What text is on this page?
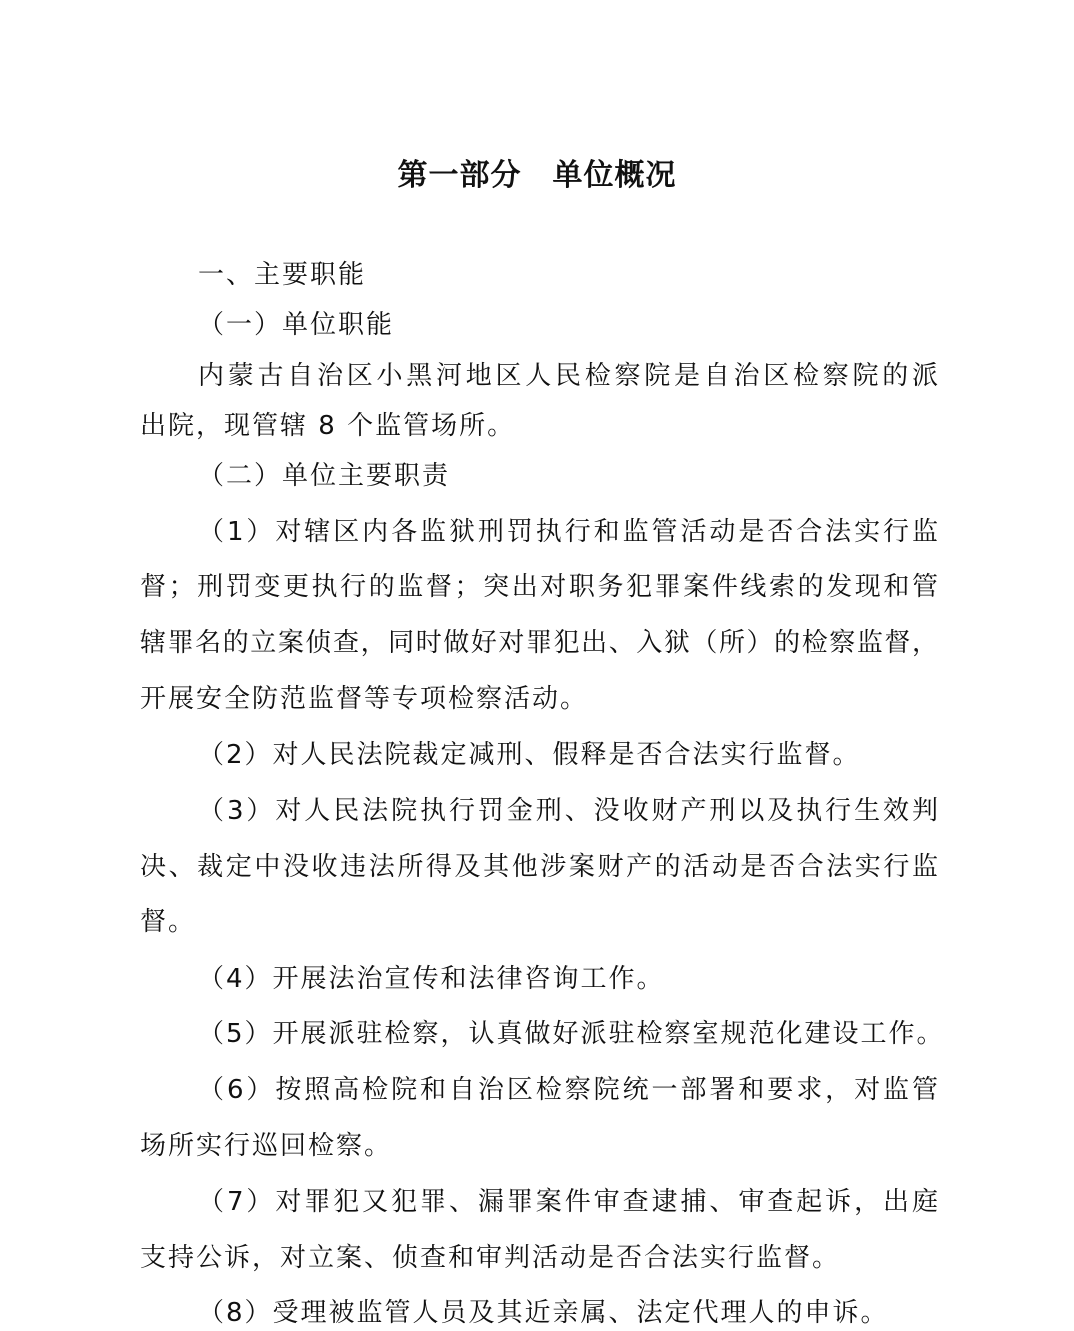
第一部分　单位概况
一、主要职能
（一）单位职能
内蒙古自治区小黑河地区人民检察院是自治区检察院的派
出院，现管辖 8 个监管场所。
（二）单位主要职责
（1）对辖区内各监狱刑罚执行和监管活动是否合法实行监
督；刑罚变更执行的监督；突出对职务犯罪案件线索的发现和管
辖罪名的立案侦查，同时做好对罪犯出、入狱（所）的检察监督，
开展安全防范监督等专项检察活动。
（2）对人民法院裁定减刑、假释是否合法实行监督。
（3）对人民法院执行罚金刑、没收财产刑以及执行生效判
决、裁定中没收违法所得及其他涉案财产的活动是否合法实行监
督。
（4）开展法治宣传和法律咨询工作。
（5）开展派驻检察，认真做好派驻检察室规范化建设工作。
（6）按照高检院和自治区检察院统一部署和要求，对监管
场所实行巡回检察。
（7）对罪犯又犯罪、漏罪案件审查逮捕、审查起诉，出庭
支持公诉，对立案、侦查和审判活动是否合法实行监督。
（8）受理被监管人员及其近亲属、法定代理人的申诉。
